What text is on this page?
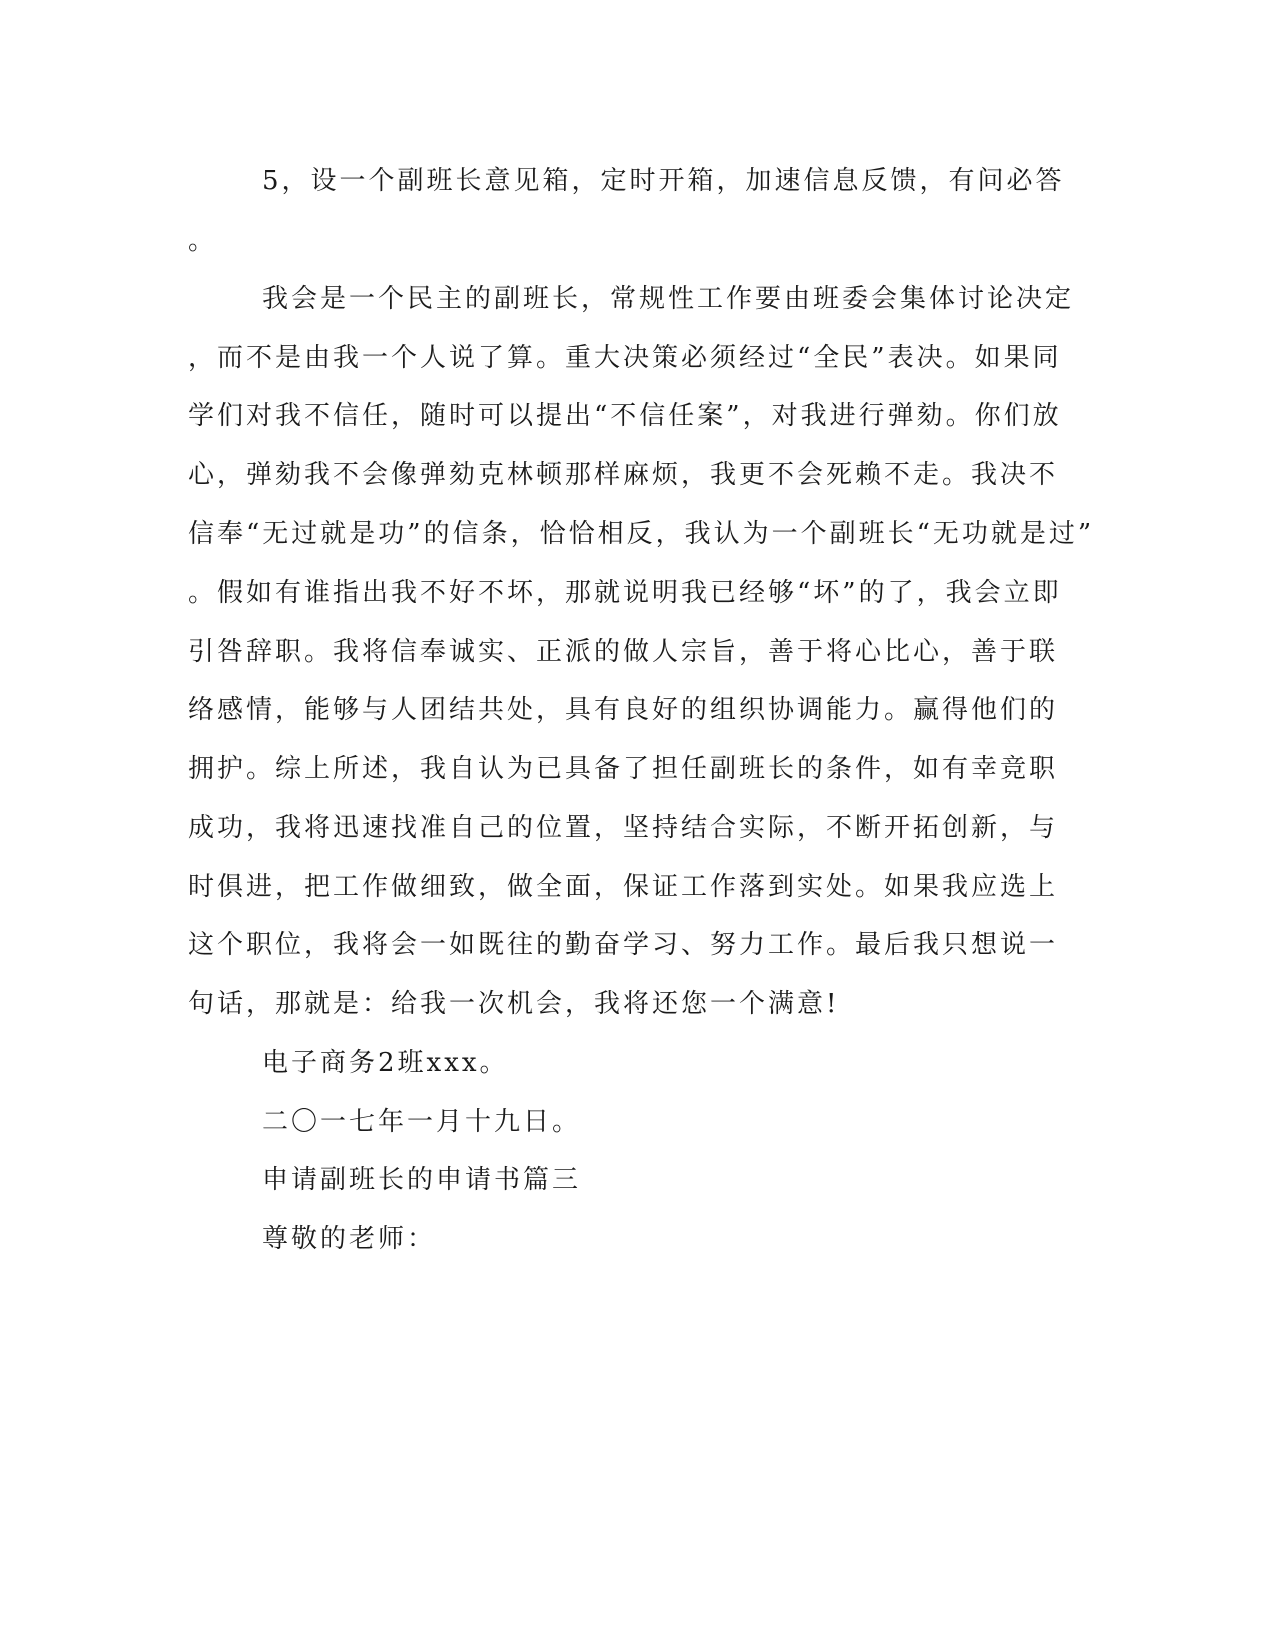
5，设一个副班长意见箱，定时开箱，加速信息反馈，有问必答
。
我会是一个民主的副班长，常规性工作要由班委会集体讨论决定
，而不是由我一个人说了算。重大决策必须经过“全民”表决。如果同
学们对我不信任，随时可以提出“不信任案”，对我进行弹劾。你们放
心，弹劾我不会像弹劾克林顿那样麻烦，我更不会死赖不走。我决不
信奉“无过就是功”的信条，恰恰相反，我认为一个副班长“无功就是过”
。假如有谁指出我不好不坏，那就说明我已经够“坏”的了，我会立即
引咎辞职。我将信奉诚实、正派的做人宗旨，善于将心比心，善于联
络感情，能够与人团结共处，具有良好的组织协调能力。赢得他们的
拥护。综上所述，我自认为已具备了担任副班长的条件，如有幸竞职
成功，我将迅速找准自己的位置，坚持结合实际，不断开拓创新，与
时俱进，把工作做细致，做全面，保证工作落到实处。如果我应选上
这个职位，我将会一如既往的勤奋学习、努力工作。最后我只想说一
句话，那就是：给我一次机会，我将还您一个满意!
电子商务2班xxx。
二〇一七年一月十九日。
申请副班长的申请书篇三
尊敬的老师：
